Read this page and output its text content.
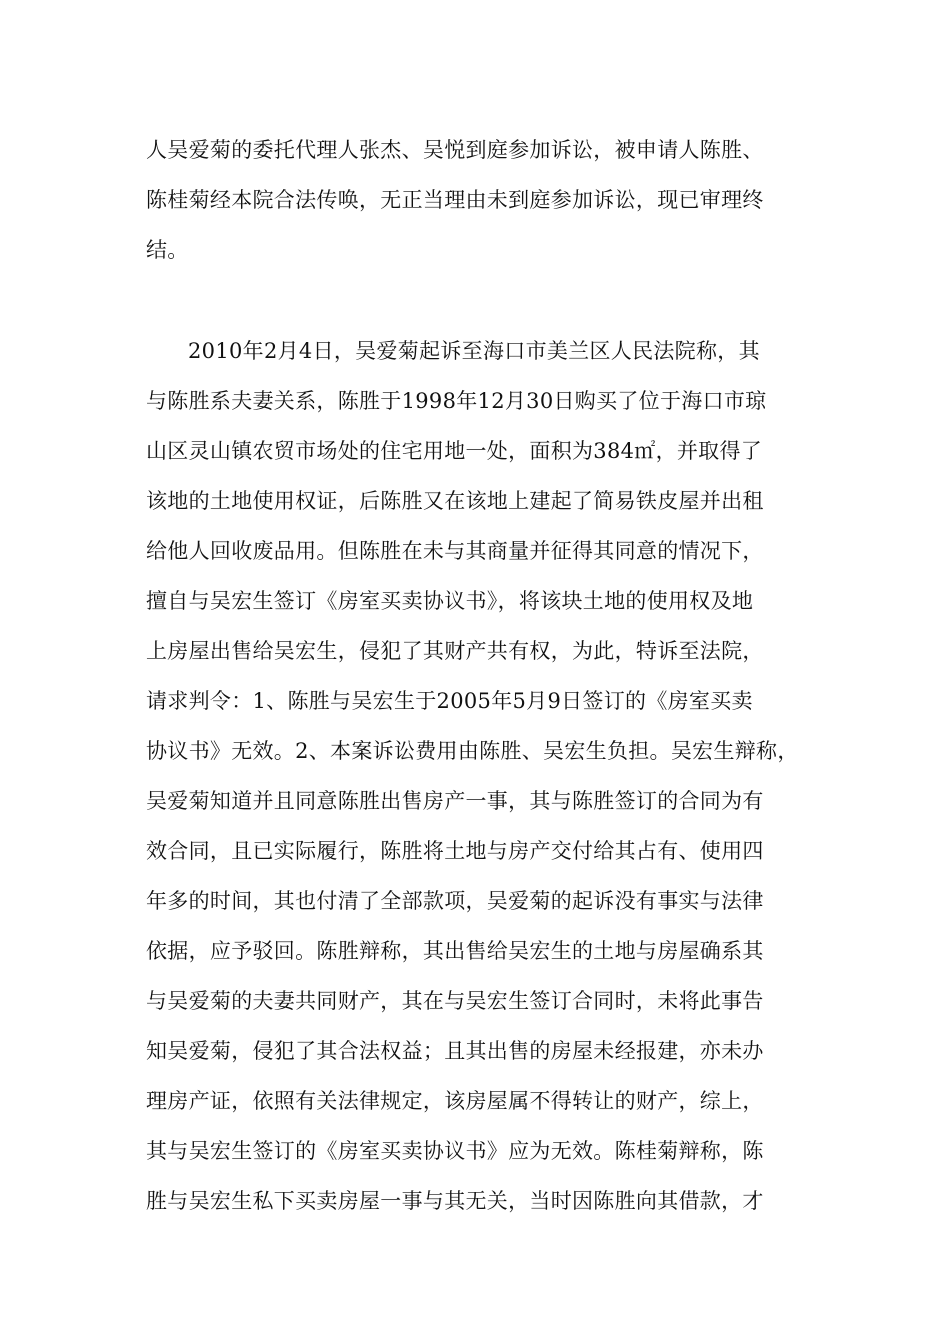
人吴爱菊的委托代理人张杰、吴悦到庭参加诉讼，被申请人陈胜、
陈桂菊经本院合法传唤，无正当理由未到庭参加诉讼，现已审理终
结。
2010年2月4日，吴爱菊起诉至海口市美兰区人民法院称，其
与陈胜系夫妻关系，陈胜于1998年12月30日购买了位于海口市琼
山区灵山镇农贸市场处的住宅用地一处，面积为384㎡，并取得了
该地的土地使用权证，后陈胜又在该地上建起了简易铁皮屋并出租
给他人回收废品用。但陈胜在未与其商量并征得其同意的情况下，
擅自与吴宏生签订《房室买卖协议书》，将该块土地的使用权及地
上房屋出售给吴宏生，侵犯了其财产共有权，为此，特诉至法院，
请求判令：1、陈胜与吴宏生于2005年5月9日签订的《房室买卖
协议书》无效。2、本案诉讼费用由陈胜、吴宏生负担。吴宏生辩称，
吴爱菊知道并且同意陈胜出售房产一事，其与陈胜签订的合同为有
效合同，且已实际履行，陈胜将土地与房产交付给其占有、使用四
年多的时间，其也付清了全部款项，吴爱菊的起诉没有事实与法律
依据，应予驳回。陈胜辩称，其出售给吴宏生的土地与房屋确系其
与吴爱菊的夫妻共同财产，其在与吴宏生签订合同时，未将此事告
知吴爱菊，侵犯了其合法权益；且其出售的房屋未经报建，亦未办
理房产证，依照有关法律规定，该房屋属不得转让的财产，综上，
其与吴宏生签订的《房室买卖协议书》应为无效。陈桂菊辩称，陈
胜与吴宏生私下买卖房屋一事与其无关，当时因陈胜向其借款，才
